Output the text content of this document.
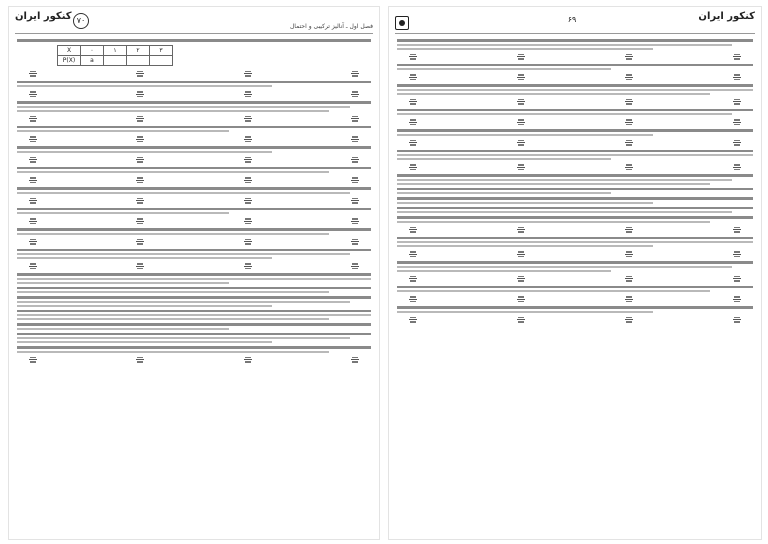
کنکور ایران ۷۰
فصل اول ـ آنالیز ترکیبی و احتمال
X	۰	۱	۲	۳
P(X)	a			
کنکور ایران
۶۹
